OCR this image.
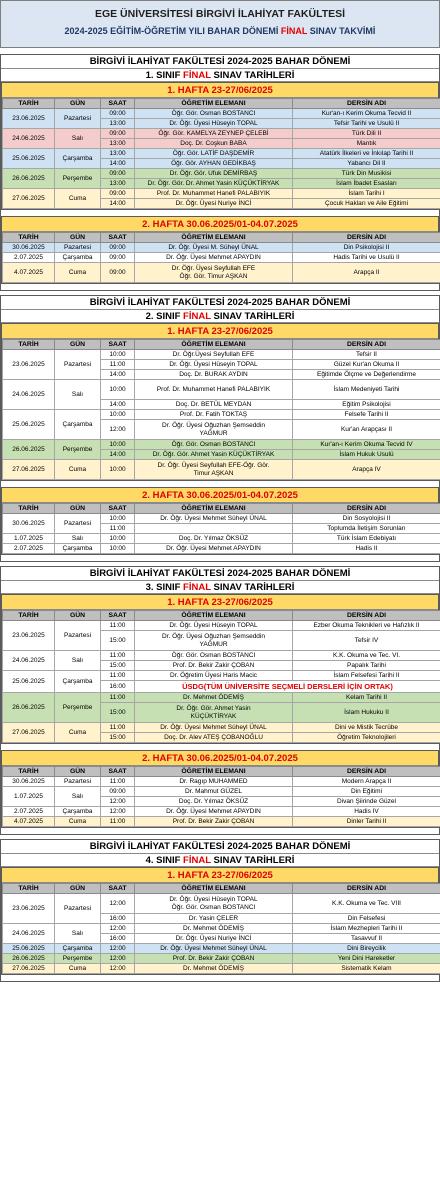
EGE ÜNİVERSİTESİ BİRGİVİ İLAHİYAT FAKÜLTESİ
2024-2025 EĞİTİM-ÖĞRETİM YILI BAHAR DÖNEMİ FİNAL SINAV TAKVİMİ
BİRGİVİ İLAHİYAT FAKÜLTESİ 2024-2025 BAHAR DÖNEMİ
1. SINIF FİNAL SINAV TARİHLERİ
1. HAFTA 23-27/06/2025
TARİH	GÜN	SAAT	ÖĞRETİM ELEMANI	DERSİN ADI
23.06.2025	Pazartesi	09:00	Öğr. Gör. Osman BOSTANCI	Kur'an-ı Kerim Okuma Tecvid II
		13:00	Dr. Öğr. Üyesi Hüseyin TOPAL	Tefsir Tarihi ve Usulü II
24.06.2025	Salı	09:00	Öğr. Gör. KAMELYA ZEYNEP ÇELEBİ	Türk Dili II
		13:00	Doç. Dr. Coşkun BABA	Mantık
25.06.2025	Çarşamba	13:00	Öğr. Gör. LATİF DAŞDEMİR	Atatürk İlkeleri ve İnkılap Tarihi II
		14:00	Öğr. Gör. AYHAN GEDİKBAŞ	Yabancı Dil II
26.06.2025	Perşembe	09:00	Dr. Öğr. Gör. Ufuk DEMİRBAŞ	Türk Din Musikisi
		13:00	Dr. Öğr. Gör. Dr. Ahmet Yasin KÜÇÜKTİRYAK	İslam İbadet Esasları
27.06.2025	Cuma	09:00	Prof. Dr. Muhammet Hanefi PALABIYIK	İslam Tarihi I
		14:00	Dr. Öğr. Üyesi Nuriye İNCİ	Çocuk Hakları ve Aile Eğitimi
2. HAFTA 30.06.2025/01-04.07.2025
TARİH	GÜN	SAAT	ÖĞRETİM ELEMANI	DERSİN ADI
30.06.2025	Pazartesi	09:00	Dr. Öğr. Üyesi M. Süheyl ÜNAL	Din Psikolojisi II
2.07.2025	Çarşamba	09:00	Dr. Öğr. Üyesi Mehmet APAYDIN	Hadis Tarihi ve Usulü II
4.07.2025	Cuma	09:00	Dr. Öğr. Üyesi Seyfullah EFE
Öğr. Gör. Timur AŞKAN	Arapça II
BİRGİVİ İLAHİYAT FAKÜLTESİ 2024-2025 BAHAR DÖNEMİ
2. SINIF FİNAL SINAV TARİHLERİ
1. HAFTA 23-27/06/2025
TARİH	GÜN	SAAT	ÖĞRETİM ELEMANI	DERSİN ADI
23.06.2025	Pazartesi	10:00	Dr. Öğr.Üyesi Seyfullah EFE	Tefsir II
		11:00	Dr. Öğr. Üyesi Hüseyin TOPAL	Güzel Kur'an Okuma II
		14:00	Doç. Dr. BURAK AYDIN	Eğitimde Ölçme ve Değerlendirme
24.06.2025	Salı	10:00	Prof. Dr. Muhammet Hanefi PALABIYIK	İslam Medeniyeti Tarihi
		14:00	Doç. Dr. BETÜL MEYDAN	Eğitim Psikolojisi
25.06.2025	Çarşamba	10:00	Prof. Dr. Fatih TOKTAŞ	Felsefe Tarihi II
		12:00	Dr. Öğr. Üyesi Oğuzhan Şemseddin
YAĞMUR	Kur'an Arapçası II
26.06.2025	Perşembe	10:00	Öğr. Gör. Osman BOSTANCI	Kur'an-ı Kerim Okuma Tecvid IV
		14:00	Dr. Öğr. Gör. Ahmet Yasin KÜÇÜKTİRYAK	İslam Hukuk Usulü
27.06.2025	Cuma	10:00	Dr. Öğr. Üyesi Seyfullah EFE-Öğr. Gör.
Timur AŞKAN	Arapça IV
2. HAFTA 30.06.2025/01-04.07.2025
TARİH	GÜN	SAAT	ÖĞRETİM ELEMANI	DERSİN ADI
30.06.2025	Pazartesi	10:00	Dr. Öğr. Üyesi Mehmet Süheyl ÜNAL	Din Sosyolojisi II
		11:00		Toplumda İletişim Sorunları
1.07.2025	Salı	10:00	Doç. Dr. Yılmaz ÖKSÜZ	Türk İslam Edebiyatı
2.07.2025	Çarşamba	10:00	Dr. Öğr. Üyesi Mehmet APAYDIN	Hadis II
BİRGİVİ İLAHİYAT FAKÜLTESİ 2024-2025 BAHAR DÖNEMİ
3. SINIF FİNAL SINAV TARİHLERİ
1. HAFTA 23-27/06/2025
TARİH	GÜN	SAAT	ÖĞRETİM ELEMANI	DERSİN ADI
23.06.2025	Pazartesi	11:00	Dr. Öğr. Üyesi Hüseyin TOPAL	Ezber Okuma Teknikleri ve Hafızlık II
		15:00	Dr. Öğr. Üyesi Oğuzhan Şemseddin
YAĞMUR	Tefsir IV
24.06.2025	Salı	11:00	Öğr. Gör. Osman BOSTANCI	K.K. Okuma ve Tec. VI.
		15:00	Prof. Dr. Bekir Zakir ÇOBAN	Papalık Tarihi
25.06.2025	Çarşamba	11:00	Dr. Öğretim Üyesi Haris Macic	İslam Felsefesi Tarihi II
		16:00	ÜSDG(TÜM ÜNİVERSİTE SEÇMELİ DERSLERİ İÇİN ORTAK)	
26.06.2025	Perşembe	11:00	Dr. Mehmet ÖDEMİŞ	Kelam Tarihi II
		15:00	Dr. Öğr. Gör. Ahmet Yasin
KÜÇÜKTİRYAK	İslam Hukuku II
27.06.2025	Cuma	11:00	Dr. Öğr. Üyesi Mehmet Süheyl ÜNAL	Dini ve Mistik Tecrübe
		15:00	Doç. Dr. Alev ATEŞ ÇOBANOĞLU	Öğretim Teknolojileri
2. HAFTA 30.06.2025/01-04.07.2025
TARİH	GÜN	SAAT	ÖĞRETİM ELEMANI	DERSİN ADI
30.06.2025	Pazartesi	11:00	Dr. Ragıp MUHAMMED	Modern Arapça II
1.07.2025	Salı	09:00	Dr. Mahmut GÜZEL	Din Eğitimi
		12:00	Doç. Dr. Yılmaz ÖKSÜZ	Divan Şiirinde Güzel
2.07.2025	Çarşamba	12:00	Dr. Öğr. Üyesi Mehmet APAYDIN	Hadis IV
4.07.2025	Cuma	11:00	Prof. Dr. Bekir Zakir ÇOBAN	Dinler Tarihi II
BİRGİVİ İLAHİYAT FAKÜLTESİ 2024-2025 BAHAR DÖNEMİ
4. SINIF FİNAL SINAV TARİHLERİ
1. HAFTA 23-27/06/2025
TARİH	GÜN	SAAT	ÖĞRETİM ELEMANI	DERSİN ADI
23.06.2025	Pazartesi	12:00	Dr. Öğr. Üyesi Hüseyin TOPAL
Öğr. Gör. Osman BOSTANCI	K.K. Okuma ve Tec. VIII
		16:00	Dr. Yasin ÇELER	Din Felsefesi
24.06.2025	Salı	12:00	Dr. Mehmet ÖDEMİŞ	İslam Mezhepleri Tarihi II
		16:00	Dr. Öğr. Üyesi Nuriye İNCİ	Tasavvuf II
25.06.2025	Çarşamba	12:00	Dr. Öğr. Üyesi Mehmet Süheyl ÜNAL	Dini Bireycilik
26.06.2025	Perşembe	12:00	Prof. Dr. Bekir Zakir ÇOBAN	Yeni Dini Hareketler
27.06.2025	Cuma	12:00	Dr. Mehmet ÖDEMİŞ	Sistematik Kelam
